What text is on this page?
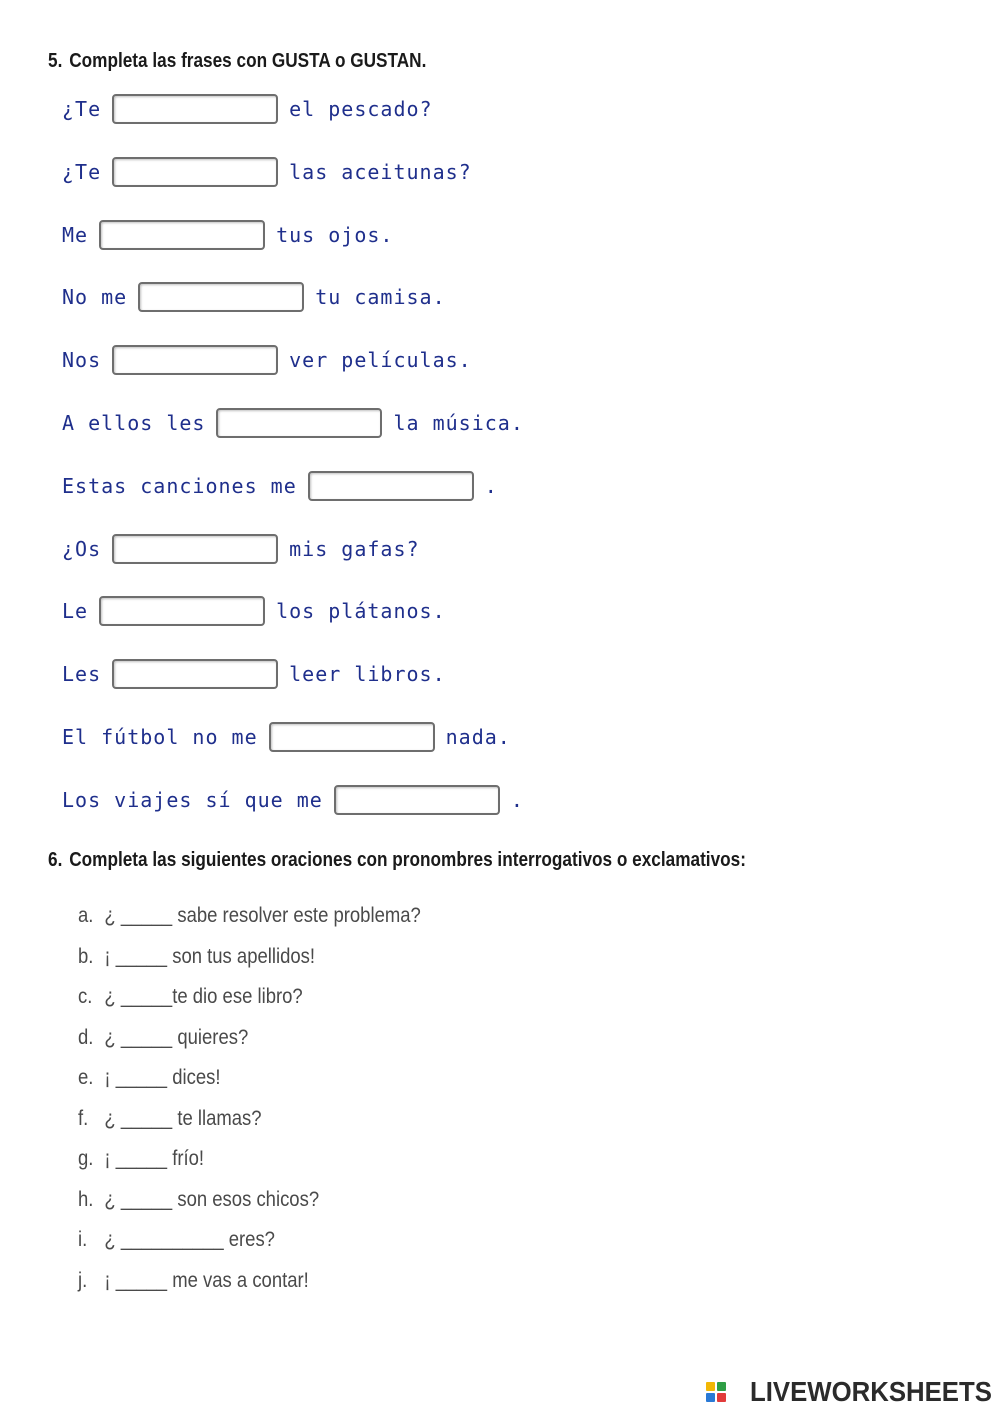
5. Completa las frases con GUSTA o GUSTAN.
¿Te	el pescado?
¿Te	las aceitunas?
Me	tus ojos.
No me	tu camisa.
Nos	ver películas.
A ellos les	la música.
Estas canciones me	.
¿Os	mis gafas?
Le	los plátanos.
Les	leer libros.
El fútbol no me	nada.
Los viajes sí que me	.
6. Completa las siguientes oraciones con pronombres interrogativos o exclamativos:
a. ¿ _____ sabe resolver este problema?
b. ¡ _____ son tus apellidos!
c. ¿ _____te dio ese libro?
d. ¿ _____ quieres?
e. ¡ _____ dices!
f. ¿ _____ te llamas?
g. ¡ _____ frío!
h. ¿ _____ son esos chicos?
i. ¿ __________ eres?
j. ¡ _____ me vas a contar!
LIVEWORKSHEETS
